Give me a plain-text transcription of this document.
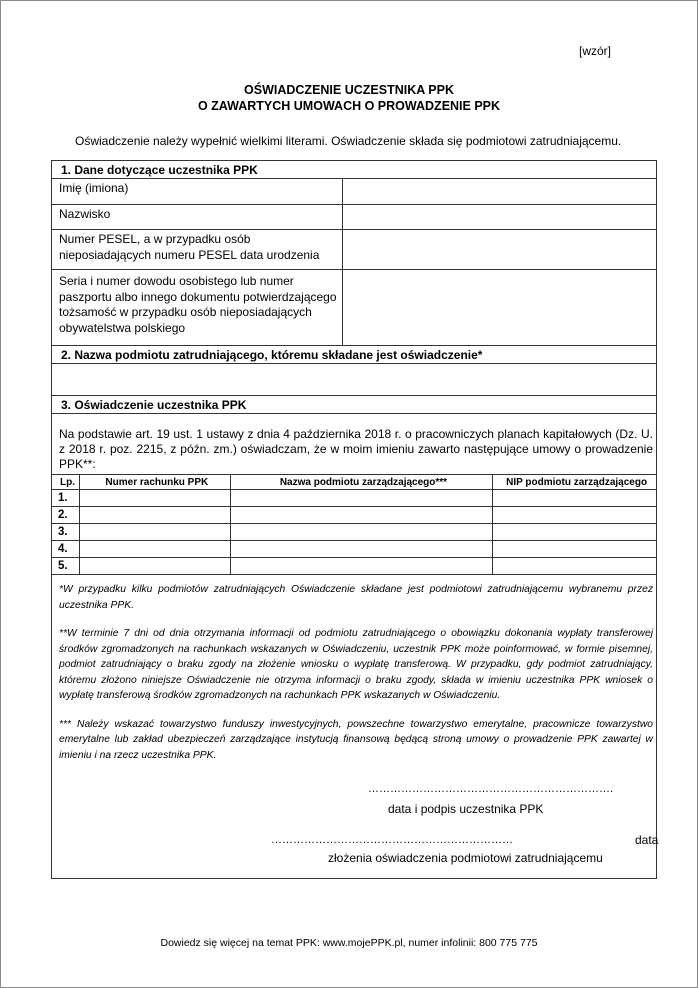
[wzór]
OŚWIADCZENIE UCZESTNIKA PPK
O ZAWARTYCH UMOWACH O PROWADZENIE PPK
Oświadczenie należy wypełnić wielkimi literami. Oświadczenie składa się podmiotowi zatrudniającemu.
1. Dane dotyczące uczestnika PPK
Imię (imiona)
Nazwisko
Numer PESEL, a w przypadku osób nieposiadających numeru PESEL data urodzenia
Seria i numer dowodu osobistego lub numer paszportu albo innego dokumentu potwierdzającego tożsamość w przypadku osób nieposiadających obywatelstwa polskiego
2. Nazwa podmiotu zatrudniającego, któremu składane jest oświadczenie*
3. Oświadczenie uczestnika PPK
Na podstawie art. 19 ust. 1 ustawy z dnia 4 października 2018 r. o pracowniczych planach kapitałowych (Dz. U. z 2018 r. poz. 2215, z późn. zm.) oświadczam, że w moim imieniu zawarto następujące umowy o prowadzenie PPK**:
Lp.	Numer rachunku PPK	Nazwa podmiotu zarządzającego***	NIP podmiotu zarządzającego
1.			
2.			
3.			
4.			
5.			

*W przypadku kilku podmiotów zatrudniających Oświadczenie składane jest podmiotowi zatrudniającemu wybranemu przez uczestnika PPK.

**W terminie 7 dni od dnia otrzymania informacji od podmiotu zatrudniającego o obowiązku dokonania wypłaty transferowej środków zgromadzonych na rachunkach wskazanych w Oświadczeniu, uczestnik PPK może poinformować, w formie pisemnej, podmiot zatrudniający o braku zgody na złożenie wniosku o wypłatę transferową. W przypadku, gdy podmiot zatrudniający, któremu złożono niniejsze Oświadczenie nie otrzyma informacji o braku zgody, składa w imieniu uczestnika PPK wniosek o wypłatę transferową środków zgromadzonych na rachunkach PPK wskazanych w Oświadczeniu.

*** Należy wskazać towarzystwo funduszy inwestycyjnych, powszechne towarzystwo emerytalne, pracownicze towarzystwo emerytalne lub zakład ubezpieczeń zarządzające instytucją finansową będącą stroną umowy o prowadzenie PPK zawartej w imieniu i na rzecz uczestnika PPK.

………………………………………………………….
data i podpis uczestnika PPK
…………………………………………………………	data
złożenia oświadczenia podmiotowi zatrudniającemu
Dowiedz się więcej na temat PPK: www.mojePPK.pl, numer infolinii: 800 775 775
